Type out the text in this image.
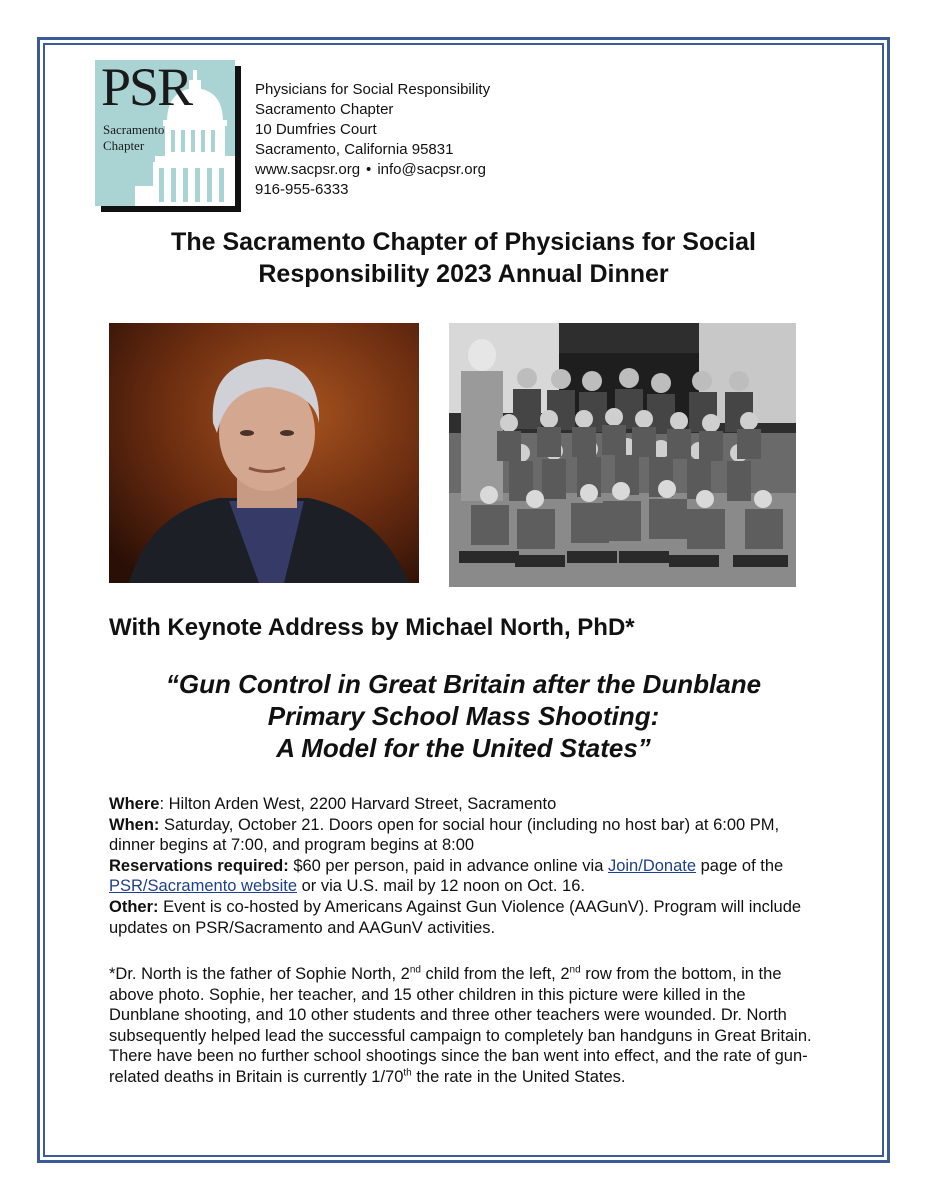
PSR
Sacramento
Chapter
Physicians for Social Responsibility
Sacramento Chapter
10 Dumfries Court
Sacramento, California 95831
www.sacpsr.org • info@sacpsr.org
916-955-6333
The Sacramento Chapter of Physicians for Social
Responsibility 2023 Annual Dinner
With Keynote Address by Michael North, PhD*
“Gun Control in Great Britain after the Dunblane
Primary School Mass Shooting:
A Model for the United States”

Where: Hilton Arden West, 2200 Harvard Street, Sacramento

When: Saturday, October 21. Doors open for social hour (including no host bar) at 6:00 PM, dinner begins at 7:00, and program begins at 8:00

Reservations required: $60 per person, paid in advance online via Join/Donate page of the PSR/Sacramento website or via U.S. mail by 12 noon on Oct. 16.

Other: Event is co-hosted by Americans Against Gun Violence (AAGunV). Program will include updates on PSR/Sacramento and AAGunV activities.

*Dr. North is the father of Sophie North, 2nd child from the left, 2nd row from the bottom, in the above photo. Sophie, her teacher, and 15 other children in this picture were killed in the Dunblane shooting, and 10 other students and three other teachers were wounded. Dr. North subsequently helped lead the successful campaign to completely ban handguns in Great Britain. There have been no further school shootings since the ban went into effect, and the rate of gun-related deaths in Britain is currently 1/70th the rate in the United States.
